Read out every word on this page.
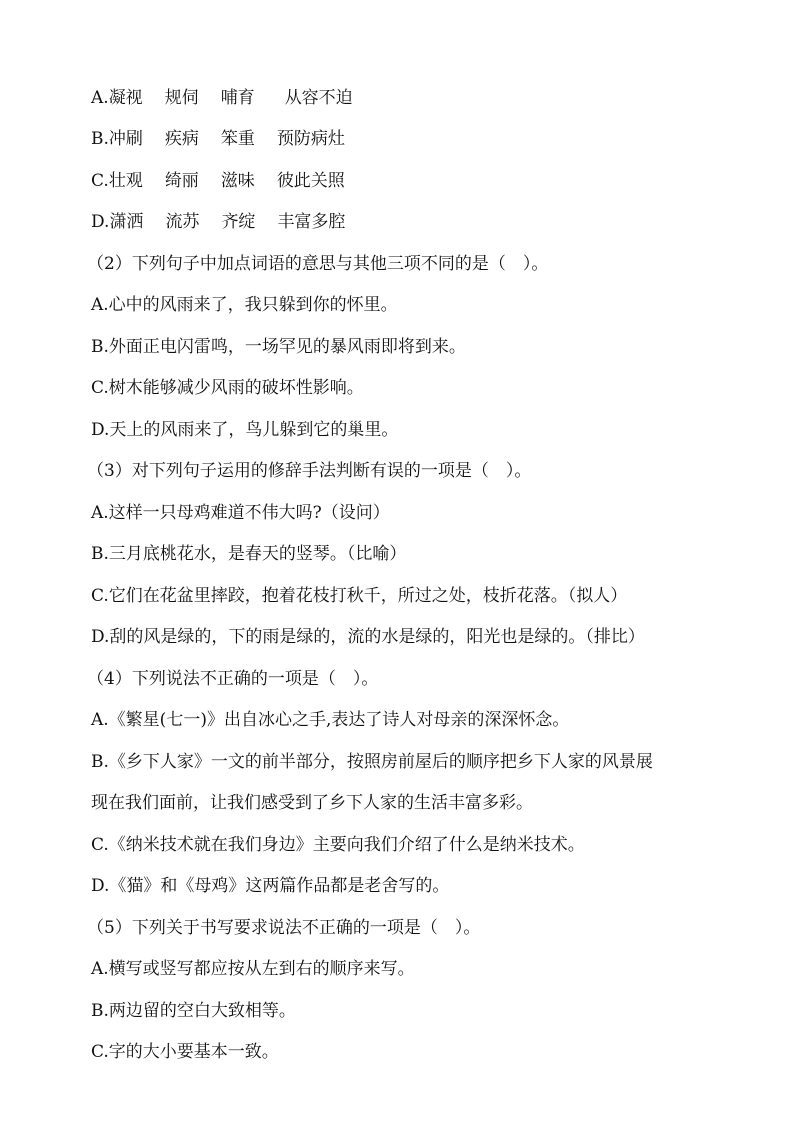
A.凝视 规伺 哺育 从容不迫
B.冲刷 疾病 笨重 预防病灶
C.壮观 绮丽 滋味 彼此关照
D.潇洒 流苏 齐绽 丰富多腔
（2）下列句子中加点词语的意思与其他三项不同的是（　）。
A.心中的风雨来了，我只躲到你的怀里。
B.外面正电闪雷鸣，一场罕见的暴风雨即将到来。
C.树木能够减少风雨的破坏性影响。
D.天上的风雨来了，鸟儿躲到它的巢里。
（3）对下列句子运用的修辞手法判断有误的一项是（　）。
A.这样一只母鸡难道不伟大吗?（设问）
B.三月底桃花水，是春天的竖琴。（比喻）
C.它们在花盆里摔跤，抱着花枝打秋千，所过之处，枝折花落。（拟人）
D.刮的风是绿的，下的雨是绿的，流的水是绿的，阳光也是绿的。（排比）
（4）下列说法不正确的一项是（　）。
A.《繁星(七一)》出自冰心之手,表达了诗人对母亲的深深怀念。
B.《乡下人家》一文的前半部分，按照房前屋后的顺序把乡下人家的风景展
现在我们面前，让我们感受到了乡下人家的生活丰富多彩。
C.《纳米技术就在我们身边》主要向我们介绍了什么是纳米技术。
D.《猫》和《母鸡》这两篇作品都是老舍写的。
（5）下列关于书写要求说法不正确的一项是（　）。
A.横写或竖写都应按从左到右的顺序来写。
B.两边留的空白大致相等。
C.字的大小要基本一致。
